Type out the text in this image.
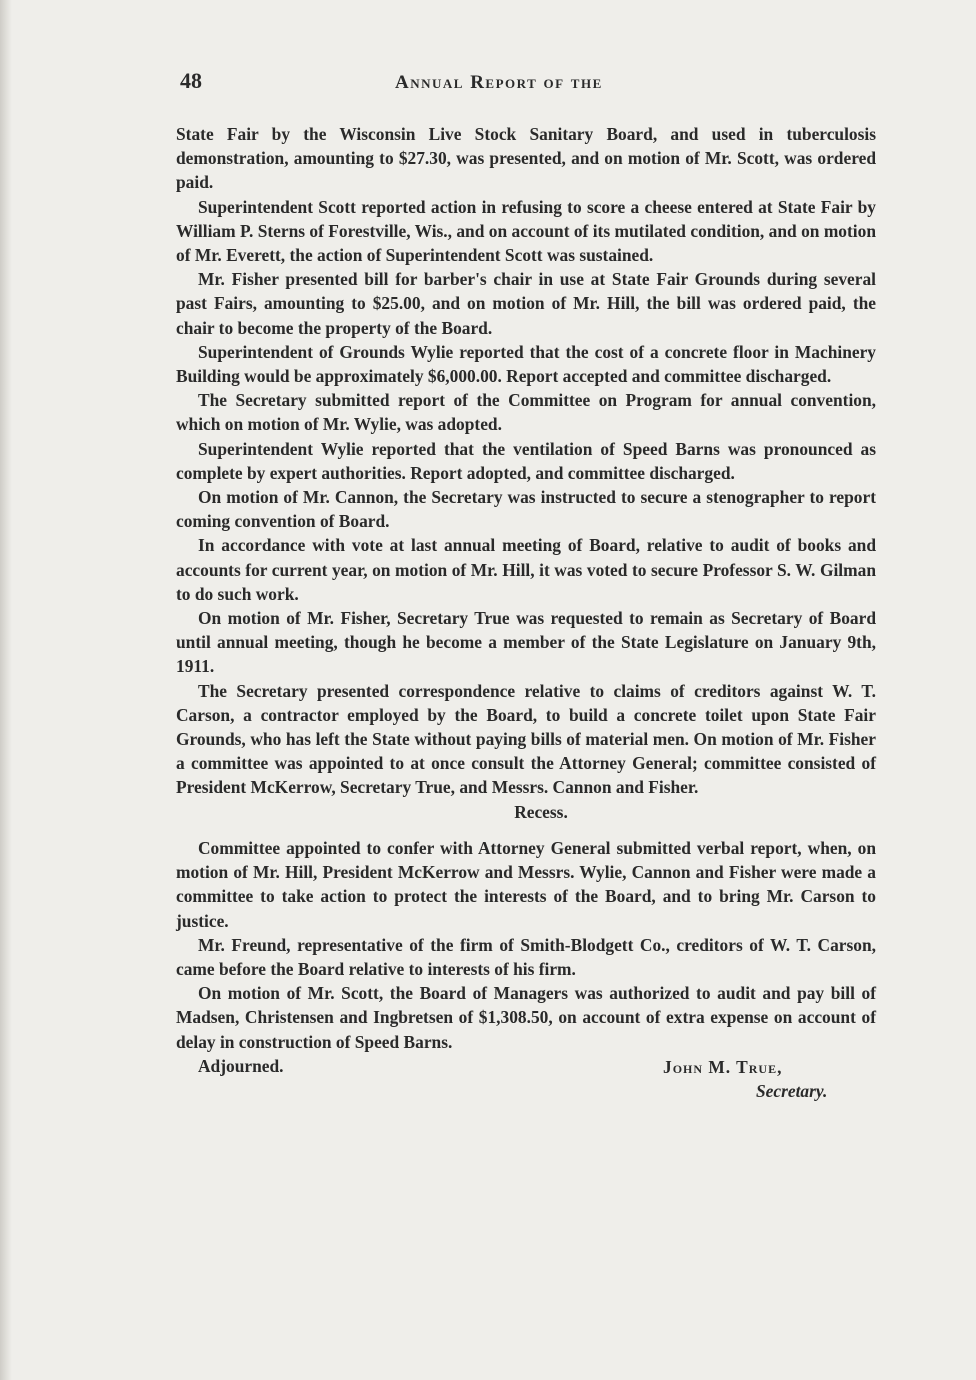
48	Annual Report of the

State Fair by the Wisconsin Live Stock Sanitary Board, and used in tuberculosis demonstration, amounting to $27.30, was presented, and on motion of Mr. Scott, was ordered paid.

Superintendent Scott reported action in refusing to score a cheese entered at State Fair by William P. Sterns of Forestville, Wis., and on account of its mutilated condition, and on motion of Mr. Everett, the action of Superintendent Scott was sustained.

Mr. Fisher presented bill for barber's chair in use at State Fair Grounds during several past Fairs, amounting to $25.00, and on motion of Mr. Hill, the bill was ordered paid, the chair to become the property of the Board.

Superintendent of Grounds Wylie reported that the cost of a concrete floor in Machinery Building would be approximately $6,000.00. Report accepted and committee discharged.

The Secretary submitted report of the Committee on Program for annual convention, which on motion of Mr. Wylie, was adopted.

Superintendent Wylie reported that the ventilation of Speed Barns was pronounced as complete by expert authorities. Report adopted, and committee discharged.

On motion of Mr. Cannon, the Secretary was instructed to secure a stenographer to report coming convention of Board.

In accordance with vote at last annual meeting of Board, relative to audit of books and accounts for current year, on motion of Mr. Hill, it was voted to secure Professor S. W. Gilman to do such work.

On motion of Mr. Fisher, Secretary True was requested to remain as Secretary of Board until annual meeting, though he become a member of the State Legislature on January 9th, 1911.

The Secretary presented correspondence relative to claims of creditors against W. T. Carson, a contractor employed by the Board, to build a concrete toilet upon State Fair Grounds, who has left the State without paying bills of material men. On motion of Mr. Fisher a committee was appointed to at once consult the Attorney General; committee consisted of President McKerrow, Secretary True, and Messrs. Cannon and Fisher.

Recess.

Committee appointed to confer with Attorney General submitted verbal report, when, on motion of Mr. Hill, President McKerrow and Messrs. Wylie, Cannon and Fisher were made a committee to take action to protect the interests of the Board, and to bring Mr. Carson to justice.

Mr. Freund, representative of the firm of Smith-Blodgett Co., creditors of W. T. Carson, came before the Board relative to interests of his firm.

On motion of Mr. Scott, the Board of Managers was authorized to audit and pay bill of Madsen, Christensen and Ingbretsen of $1,308.50, on account of extra expense on account of delay in construction of Speed Barns.

Adjourned.	John M. True,
Secretary.
